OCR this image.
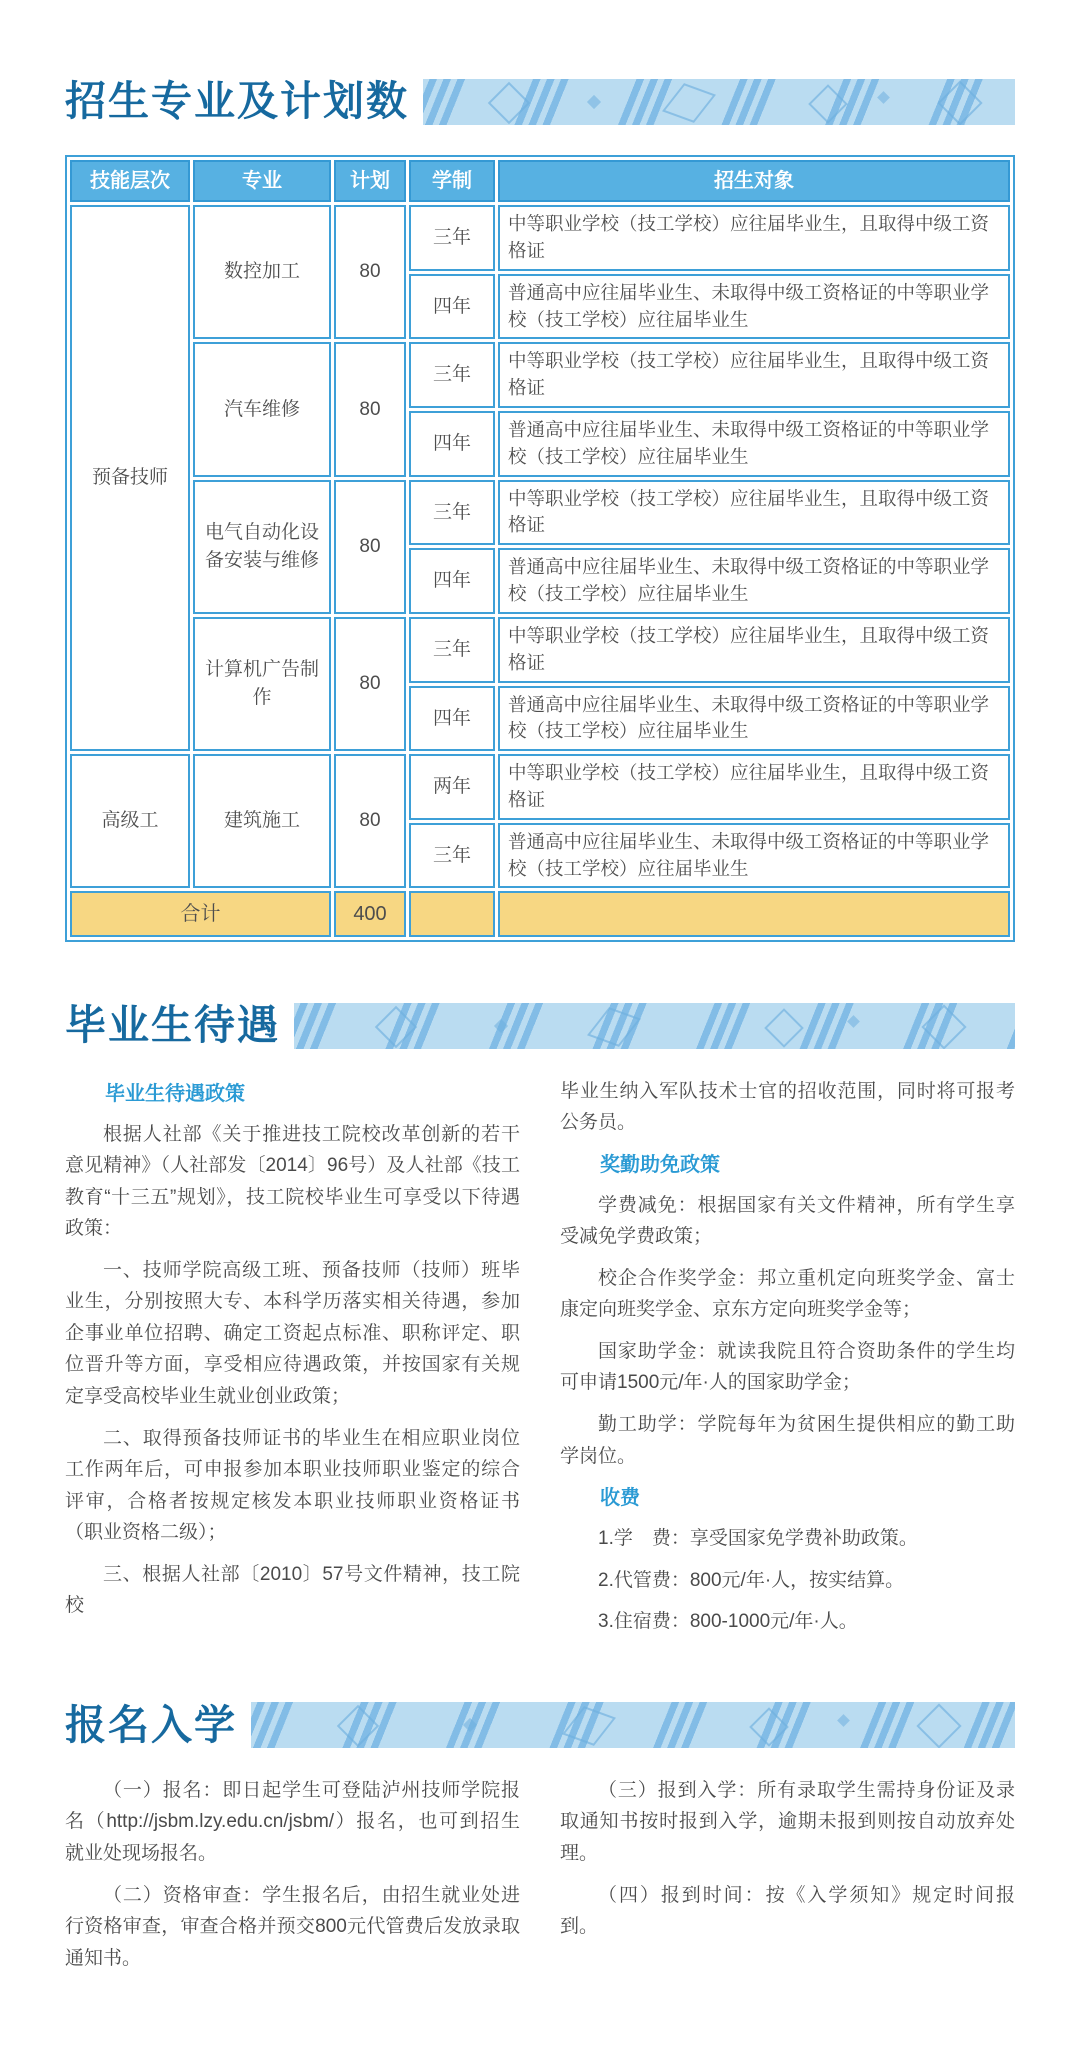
招生专业及计划数
技能层次	专业	计划	学制	招生对象
预备技师	数控加工	80	三年	中等职业学校（技工学校）应往届毕业生，且取得中级工资格证
			四年	普通高中应往届毕业生、未取得中级工资格证的中等职业学校（技工学校）应往届毕业生
	汽车维修	80	三年	中等职业学校（技工学校）应往届毕业生，且取得中级工资格证
			四年	普通高中应往届毕业生、未取得中级工资格证的中等职业学校（技工学校）应往届毕业生
	电气自动化设备安装与维修	80	三年	中等职业学校（技工学校）应往届毕业生，且取得中级工资格证
			四年	普通高中应往届毕业生、未取得中级工资格证的中等职业学校（技工学校）应往届毕业生
	计算机广告制作	80	三年	中等职业学校（技工学校）应往届毕业生，且取得中级工资格证
			四年	普通高中应往届毕业生、未取得中级工资格证的中等职业学校（技工学校）应往届毕业生
高级工	建筑施工	80	两年	中等职业学校（技工学校）应往届毕业生，且取得中级工资格证
			三年	普通高中应往届毕业生、未取得中级工资格证的中等职业学校（技工学校）应往届毕业生
合计		400		
毕业生待遇
毕业生待遇政策

根据人社部《关于推进技工院校改革创新的若干意见精神》（人社部发〔2014〕96号）及人社部《技工教育“十三五”规划》，技工院校毕业生可享受以下待遇政策：

一、技师学院高级工班、预备技师（技师）班毕业生，分别按照大专、本科学历落实相关待遇，参加企事业单位招聘、确定工资起点标准、职称评定、职位晋升等方面，享受相应待遇政策，并按国家有关规定享受高校毕业生就业创业政策；

二、取得预备技师证书的毕业生在相应职业岗位工作两年后，可申报参加本职业技师职业鉴定的综合评审，合格者按规定核发本职业技师职业资格证书（职业资格二级）；

三、根据人社部〔2010〕57号文件精神，技工院校

毕业生纳入军队技术士官的招收范围，同时将可报考公务员。

奖勤助免政策

学费减免：根据国家有关文件精神，所有学生享受减免学费政策；

校企合作奖学金：邦立重机定向班奖学金、富士康定向班奖学金、京东方定向班奖学金等；

国家助学金：就读我院且符合资助条件的学生均可申请1500元/年·人的国家助学金；

勤工助学：学院每年为贫困生提供相应的勤工助学岗位。

收费

1.学　费：享受国家免学费补助政策。

2.代管费：800元/年·人，按实结算。

3.住宿费：800-1000元/年·人。

报名入学

（一）报名：即日起学生可登陆泸州技师学院报名（http://jsbm.lzy.edu.cn/jsbm/）报名，也可到招生就业处现场报名。

（二）资格审查：学生报名后，由招生就业处进行资格审查，审查合格并预交800元代管费后发放录取通知书。

（三）报到入学：所有录取学生需持身份证及录取通知书按时报到入学，逾期未报到则按自动放弃处理。

（四）报到时间：按《入学须知》规定时间报到。
